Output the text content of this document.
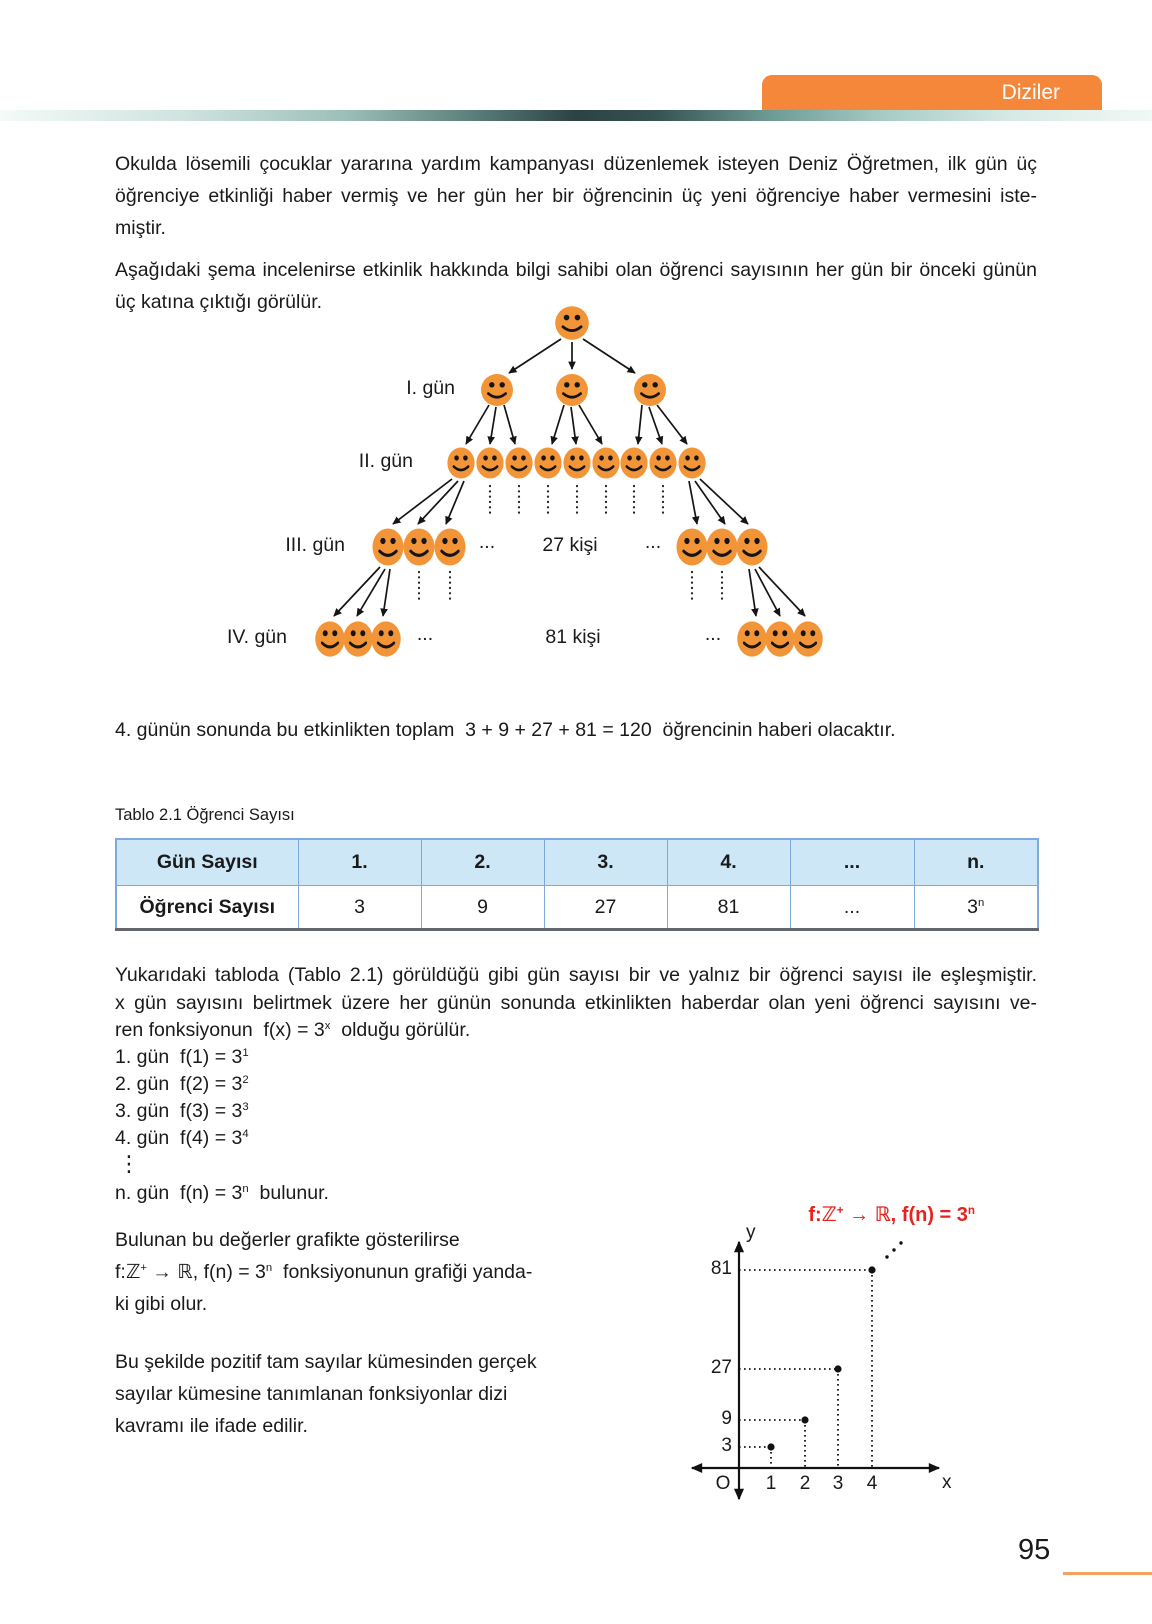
Diziler

Okulda lösemili çocuklar yararına yardım kampanyası düzenlemek isteyen Deniz Öğretmen, ilk gün üç

öğrenciye etkinliği haber vermiş ve her gün her bir öğrencinin üç yeni öğrenciye haber vermesini iste-

miştir.

Aşağıdaki şema incelenirse etkinlik hakkında bilgi sahibi olan öğrenci sayısının her gün bir önceki günün

üç katına çıktığı görülür.

I. gün
II. gün
III. gün
IV. gün
...	27 kişi	...
...	81 kişi	...

4. günün sonunda bu etkinlikten toplam  3 + 9 + 27 + 81 = 120  öğrencinin haberi olacaktır.

Tablo 2.1 Öğrenci Sayısı
Gün Sayısı	1.	2.	3.	4.	...	n.
Öğrenci Sayısı	3	9	27	81	...	3$^n$

Yukarıdaki tabloda (Tablo 2.1) görüldüğü gibi gün sayısı bir ve yalnız bir öğrenci sayısı ile eşleşmiştir.

x gün sayısını belirtmek üzere her günün sonunda etkinlikten haberdar olan yeni öğrenci sayısını ve-

ren fonksiyonun  $f(x) = 3^x$  olduğu görülür.

1. gün  $f(1) = 3^1$

2. gün  $f(2) = 3^2$

3. gün  $f(3) = 3^3$

4. gün  $f(4) = 3^4$

⋮

n. gün  $f(n) = 3^n$  bulunur.

Bulunan bu değerler grafikte gösterilirse

f:ℤ+ → ℝ, $f(n) = 3^n$  fonksiyonunun grafiği yanda-

ki gibi olur.

Bu şekilde pozitif tam sayılar kümesinden gerçek

sayılar kümesine tanımlanan fonksiyonlar dizi

kavramı ile ifade edilir.

f:ℤ+ → ℝ, $f(n) = 3^n$
y
x
81
27
9
3
O	1	2	3	4
95
